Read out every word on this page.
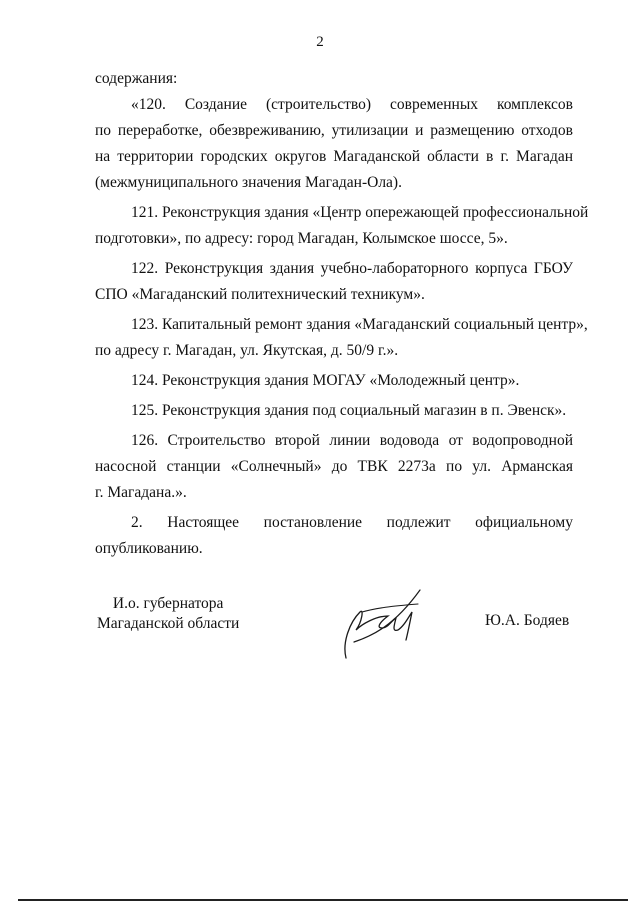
2
содержания:
«120. Создание (строительство) современных комплексов
по переработке, обезвреживанию, утилизации и размещению отходов
на территории городских округов Магаданской области в г. Магадан
(межмуниципального значения Магадан-Ола).
121. Реконструкция здания «Центр опережающей профессиональной
подготовки», по адресу: город Магадан, Колымское шоссе, 5».
122. Реконструкция здания учебно-лабораторного корпуса ГБОУ
СПО «Магаданский политехнический техникум».
123. Капитальный ремонт здания «Магаданский социальный центр»,
по адресу г. Магадан, ул. Якутская, д. 50/9 г.».
124. Реконструкция здания МОГАУ «Молодежный центр».
125. Реконструкция здания под социальный магазин в п. Эвенск».
126. Строительство второй линии водовода от водопроводной
насосной станции «Солнечный» до ТВК 2273а по ул. Арманская
г. Магадана.».
2. Настоящее постановление подлежит официальному
опубликованию.
И.о. губернатора
Магаданской области	Ю.А. Бодяев
